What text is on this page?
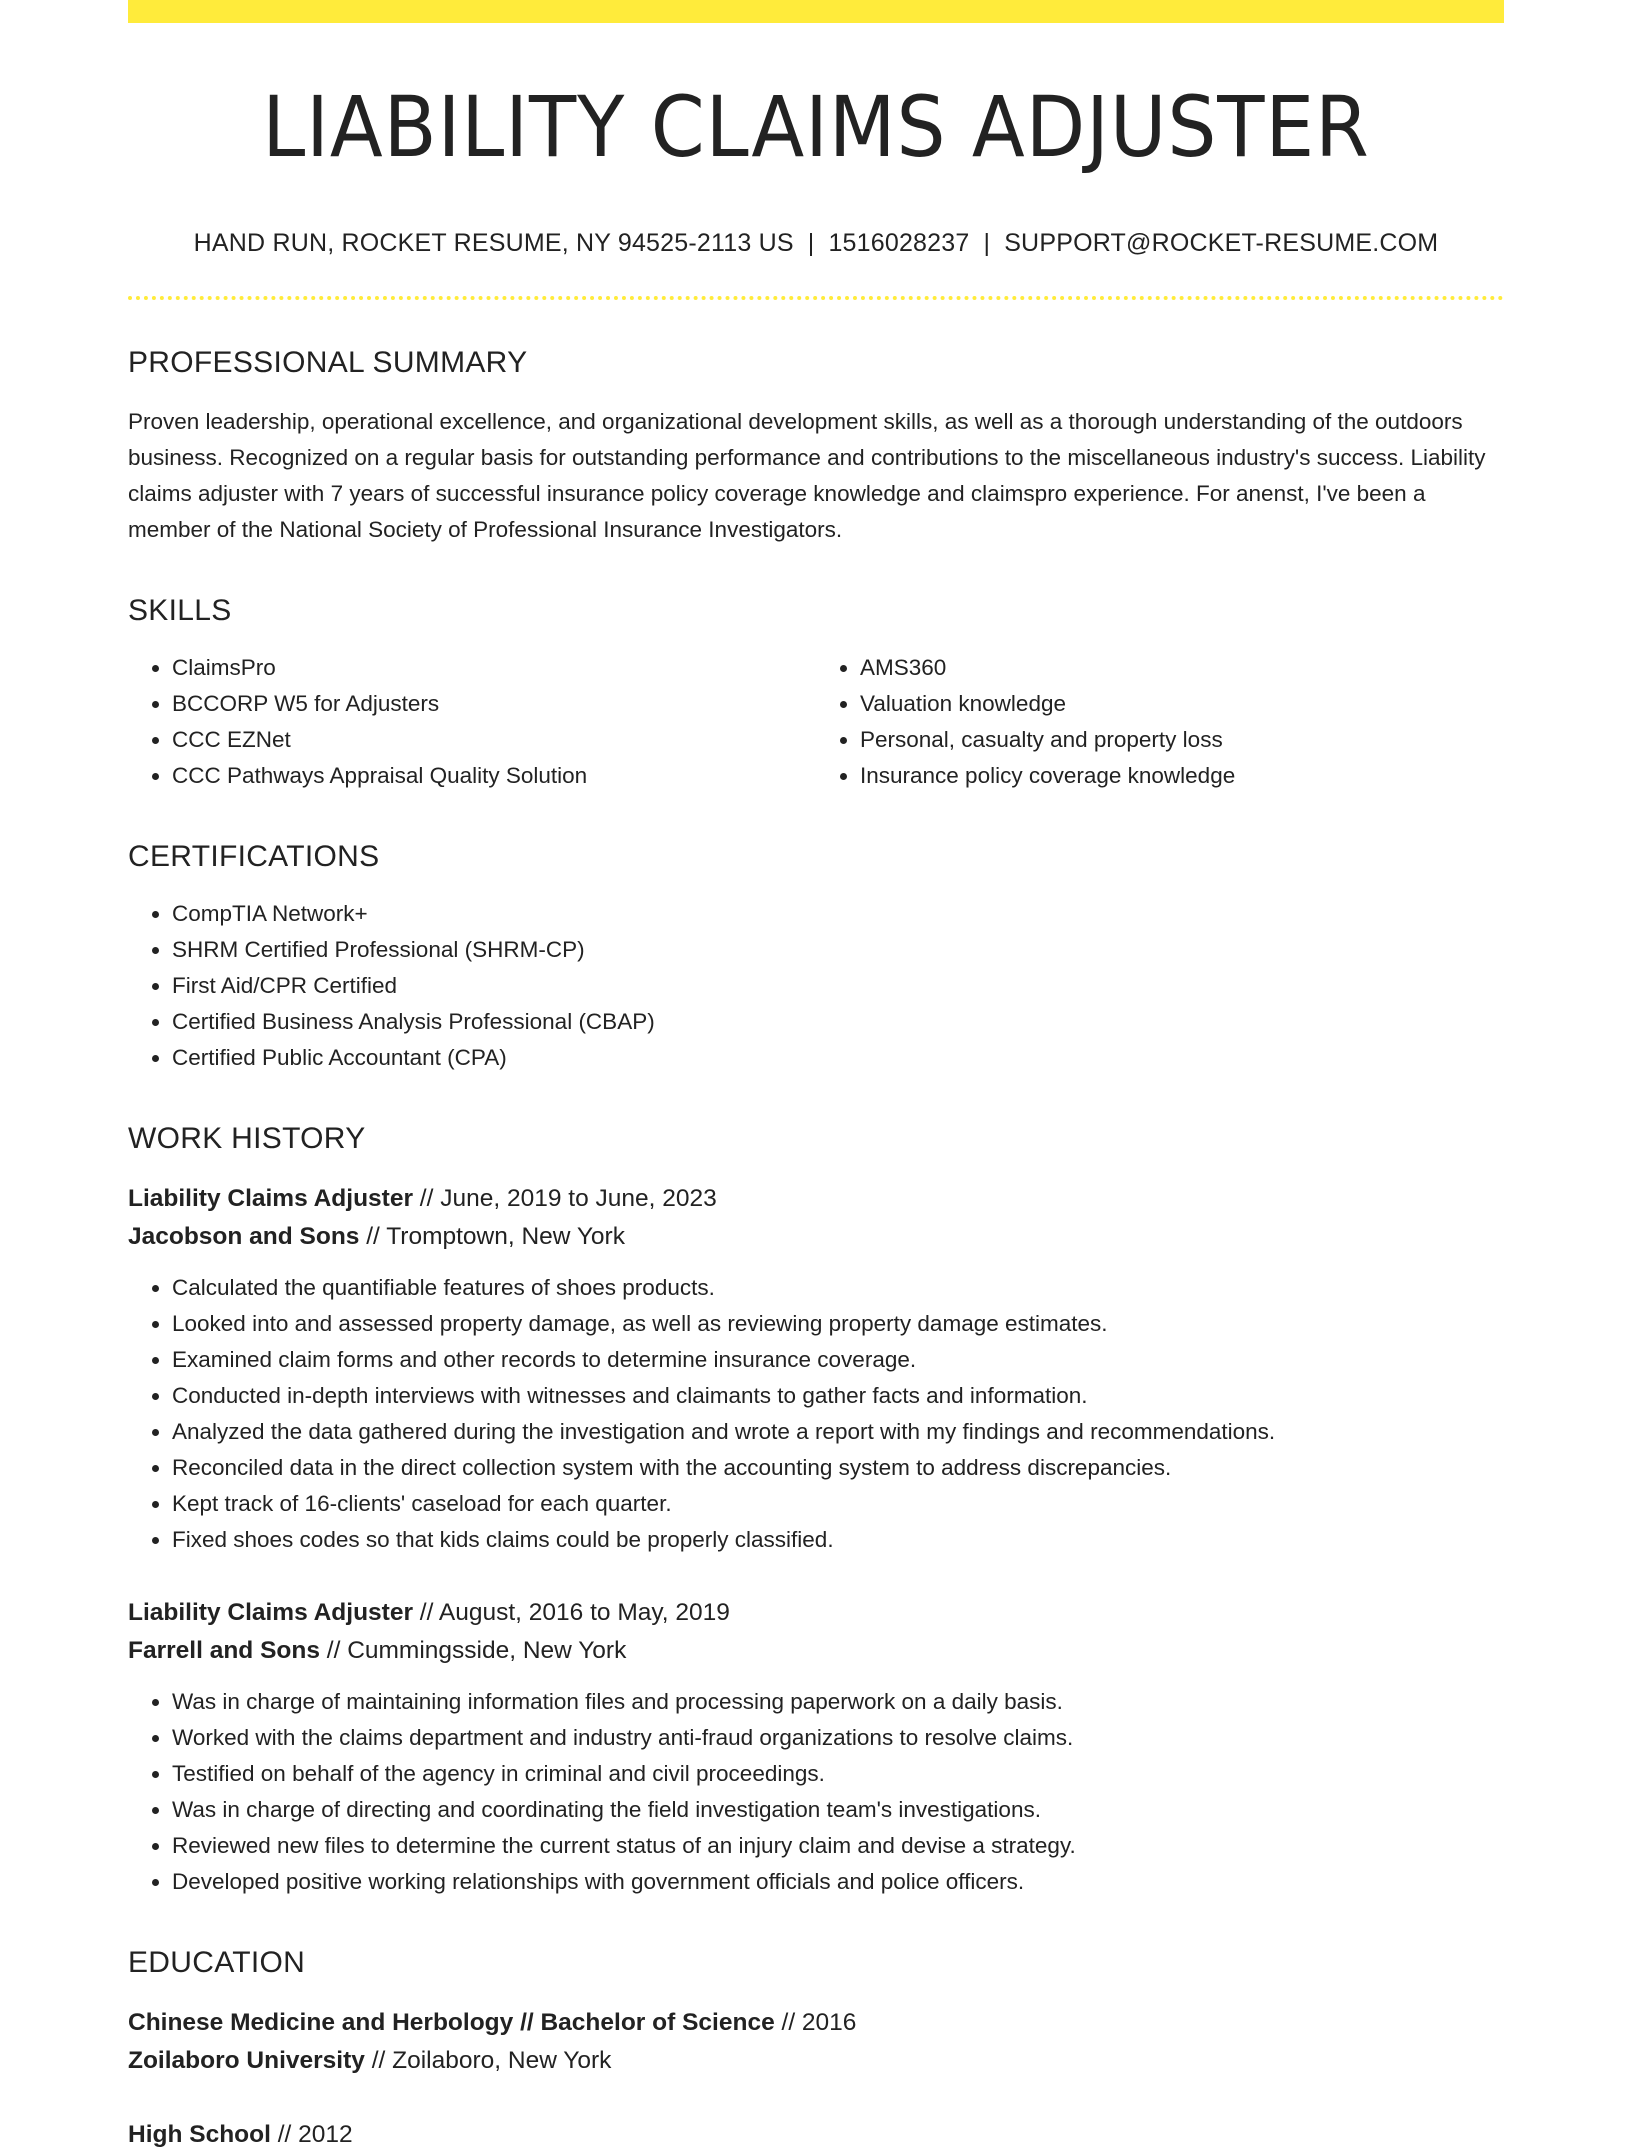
LIABILITY CLAIMS ADJUSTER
HAND RUN, ROCKET RESUME, NY 94525-2113 US | 1516028237 | SUPPORT@ROCKET-RESUME.COM
PROFESSIONAL SUMMARY

Proven leadership, operational excellence, and organizational development skills, as well as a thorough understanding of the outdoors business. Recognized on a regular basis for outstanding performance and contributions to the miscellaneous industry's success. Liability claims adjuster with 7 years of successful insurance policy coverage knowledge and claimspro experience. For anenst, I've been a member of the National Society of Professional Insurance Investigators.

SKILLS
• ClaimsPro
• BCCORP W5 for Adjusters
• CCC EZNet
• CCC Pathways Appraisal Quality Solution
• AMS360
• Valuation knowledge
• Personal, casualty and property loss
• Insurance policy coverage knowledge
CERTIFICATIONS
• CompTIA Network+
• SHRM Certified Professional (SHRM-CP)
• First Aid/CPR Certified
• Certified Business Analysis Professional (CBAP)
• Certified Public Accountant (CPA)
WORK HISTORY
Liability Claims Adjuster // June, 2019 to June, 2023
Jacobson and Sons // Tromptown, New York
• Calculated the quantifiable features of shoes products.
• Looked into and assessed property damage, as well as reviewing property damage estimates.
• Examined claim forms and other records to determine insurance coverage.
• Conducted in-depth interviews with witnesses and claimants to gather facts and information.
• Analyzed the data gathered during the investigation and wrote a report with my findings and recommendations.
• Reconciled data in the direct collection system with the accounting system to address discrepancies.
• Kept track of 16-clients' caseload for each quarter.
• Fixed shoes codes so that kids claims could be properly classified.
Liability Claims Adjuster // August, 2016 to May, 2019
Farrell and Sons // Cummingsside, New York
• Was in charge of maintaining information files and processing paperwork on a daily basis.
• Worked with the claims department and industry anti-fraud organizations to resolve claims.
• Testified on behalf of the agency in criminal and civil proceedings.
• Was in charge of directing and coordinating the field investigation team's investigations.
• Reviewed new files to determine the current status of an injury claim and devise a strategy.
• Developed positive working relationships with government officials and police officers.
EDUCATION
Chinese Medicine and Herbology // Bachelor of Science // 2016
Zoilaboro University // Zoilaboro, New York
High School // 2012
